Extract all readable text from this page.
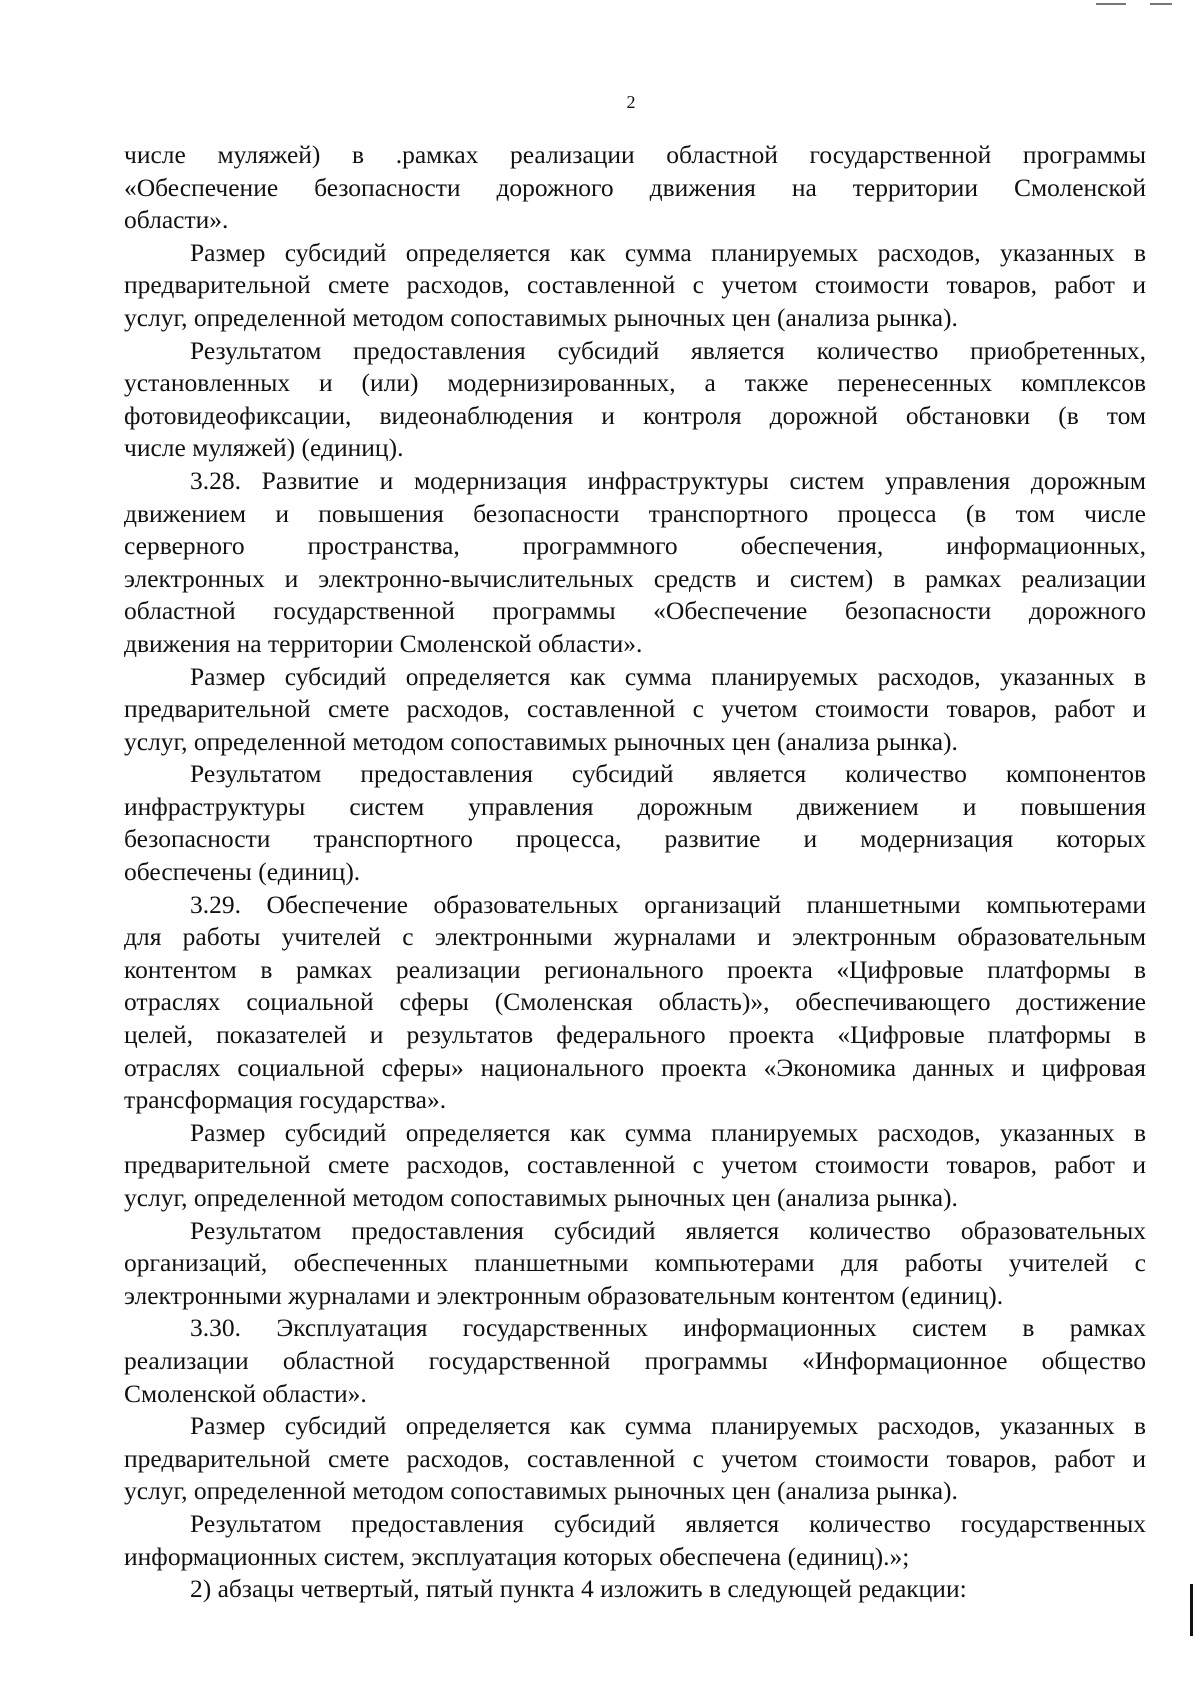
2
числе муляжей) в .рамках реализации областной государственной программы
«Обеспечение безопасности дорожного движения на территории Смоленской
области».
Размер субсидий определяется как сумма планируемых расходов, указанных в
предварительной смете расходов, составленной с учетом стоимости товаров, работ и
услуг, определенной методом сопоставимых рыночных цен (анализа рынка).
Результатом предоставления субсидий является количество приобретенных,
установленных и (или) модернизированных, а также перенесенных комплексов
фотовидеофиксации, видеонаблюдения и контроля дорожной обстановки (в том
числе муляжей) (единиц).
3.28. Развитие и модернизация инфраструктуры систем управления дорожным
движением и повышения безопасности транспортного процесса (в том числе
серверного пространства, программного обеспечения, информационных,
электронных и электронно-вычислительных средств и систем) в рамках реализации
областной государственной программы «Обеспечение безопасности дорожного
движения на территории Смоленской области».
Размер субсидий определяется как сумма планируемых расходов, указанных в
предварительной смете расходов, составленной с учетом стоимости товаров, работ и
услуг, определенной методом сопоставимых рыночных цен (анализа рынка).
Результатом предоставления субсидий является количество компонентов
инфраструктуры систем управления дорожным движением и повышения
безопасности транспортного процесса, развитие и модернизация которых
обеспечены (единиц).
3.29. Обеспечение образовательных организаций планшетными компьютерами
для работы учителей с электронными журналами и электронным образовательным
контентом в рамках реализации регионального проекта «Цифровые платформы в
отраслях социальной сферы (Смоленская область)», обеспечивающего достижение
целей, показателей и результатов федерального проекта «Цифровые платформы в
отраслях социальной сферы» национального проекта «Экономика данных и цифровая
трансформация государства».
Размер субсидий определяется как сумма планируемых расходов, указанных в
предварительной смете расходов, составленной с учетом стоимости товаров, работ и
услуг, определенной методом сопоставимых рыночных цен (анализа рынка).
Результатом предоставления субсидий является количество образовательных
организаций, обеспеченных планшетными компьютерами для работы учителей с
электронными журналами и электронным образовательным контентом (единиц).
3.30. Эксплуатация государственных информационных систем в рамках
реализации областной государственной программы «Информационное общество
Смоленской области».
Размер субсидий определяется как сумма планируемых расходов, указанных в
предварительной смете расходов, составленной с учетом стоимости товаров, работ и
услуг, определенной методом сопоставимых рыночных цен (анализа рынка).
Результатом предоставления субсидий является количество государственных
информационных систем, эксплуатация которых обеспечена (единиц).»;
2) абзацы четвертый, пятый пункта 4 изложить в следующей редакции:
